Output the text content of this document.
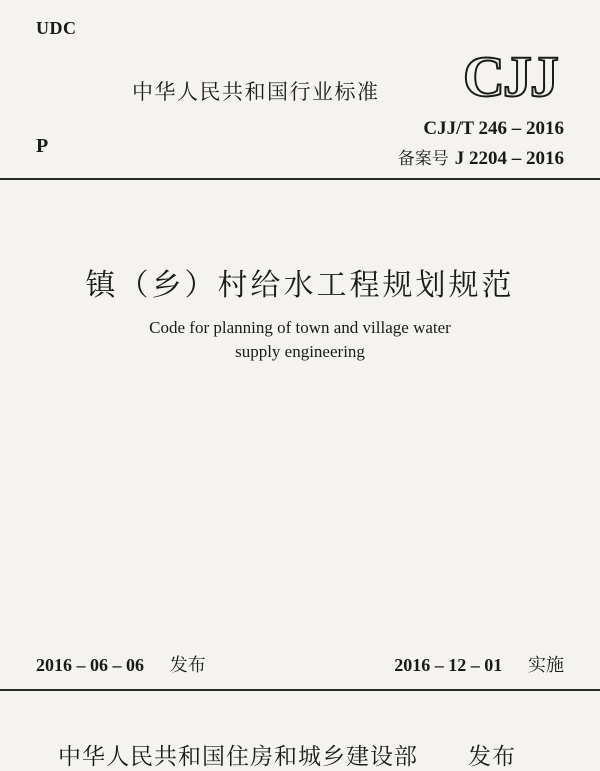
UDC
中华人民共和国行业标准 CJJ
CJJ/T 246 – 2016
P
备案号 J 2204 – 2016
镇（乡）村给水工程规划规范
Code for planning of town and village water
supply engineering
2016 – 06 – 06 发布	2016 – 12 – 01 实施
中华人民共和国住房和城乡建设部 发布
